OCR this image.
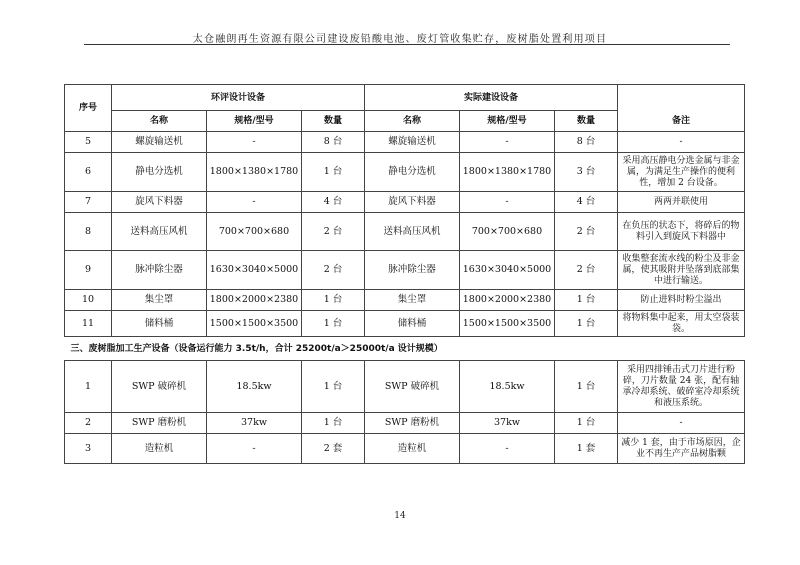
太仓融朗再生资源有限公司建设废铅酸电池、废灯管收集贮存，废树脂处置利用项目
序号	环评设计设备			实际建设设备			
	名称	规格/型号	数量	名称	规格/型号	数量	备注
5	螺旋输送机	-	8 台	螺旋输送机	-	8 台	-
6	静电分选机	1800×1380×1780	1 台	静电分选机	1800×1380×1780	3 台	采用高压静电分选金属与非金属，为满足生产操作的便利性，增加 2 台设备。
7	旋风下料器	-	4 台	旋风下料器	-	4 台	两两并联使用
8	送料高压风机	700×700×680	2 台	送料高压风机	700×700×680	2 台	在负压的状态下，将碎后的物料引入到旋风下料器中
9	脉冲除尘器	1630×3040×5000	2 台	脉冲除尘器	1630×3040×5000	2 台	收集整套流水线的粉尘及非金属，使其吸附并坠落到底部集中进行输送。
10	集尘罩	1800×2000×2380	1 台	集尘罩	1800×2000×2380	1 台	防止进料时粉尘溢出
11	储料桶	1500×1500×3500	1 台	储料桶	1500×1500×3500	1 台	将物料集中起来，用太空袋装袋。
三、废树脂加工生产设备（设备运行能力 3.5t/h，合计 25200t/a＞25000t/a 设计规模）							
1	SWP 破碎机	18.5kw	1 台	SWP 破碎机	18.5kw	1 台	采用四排锤击式刀片进行粉碎，刀片数量 24 张，配有轴承冷却系统、破碎室冷却系统和液压系统。
2	SWP 磨粉机	37kw	1 台	SWP 磨粉机	37kw	1 台	-
3	造粒机	-	2 套	造粒机	-	1 套	减少 1 套，由于市场原因，企业不再生产产品树脂颗
14
